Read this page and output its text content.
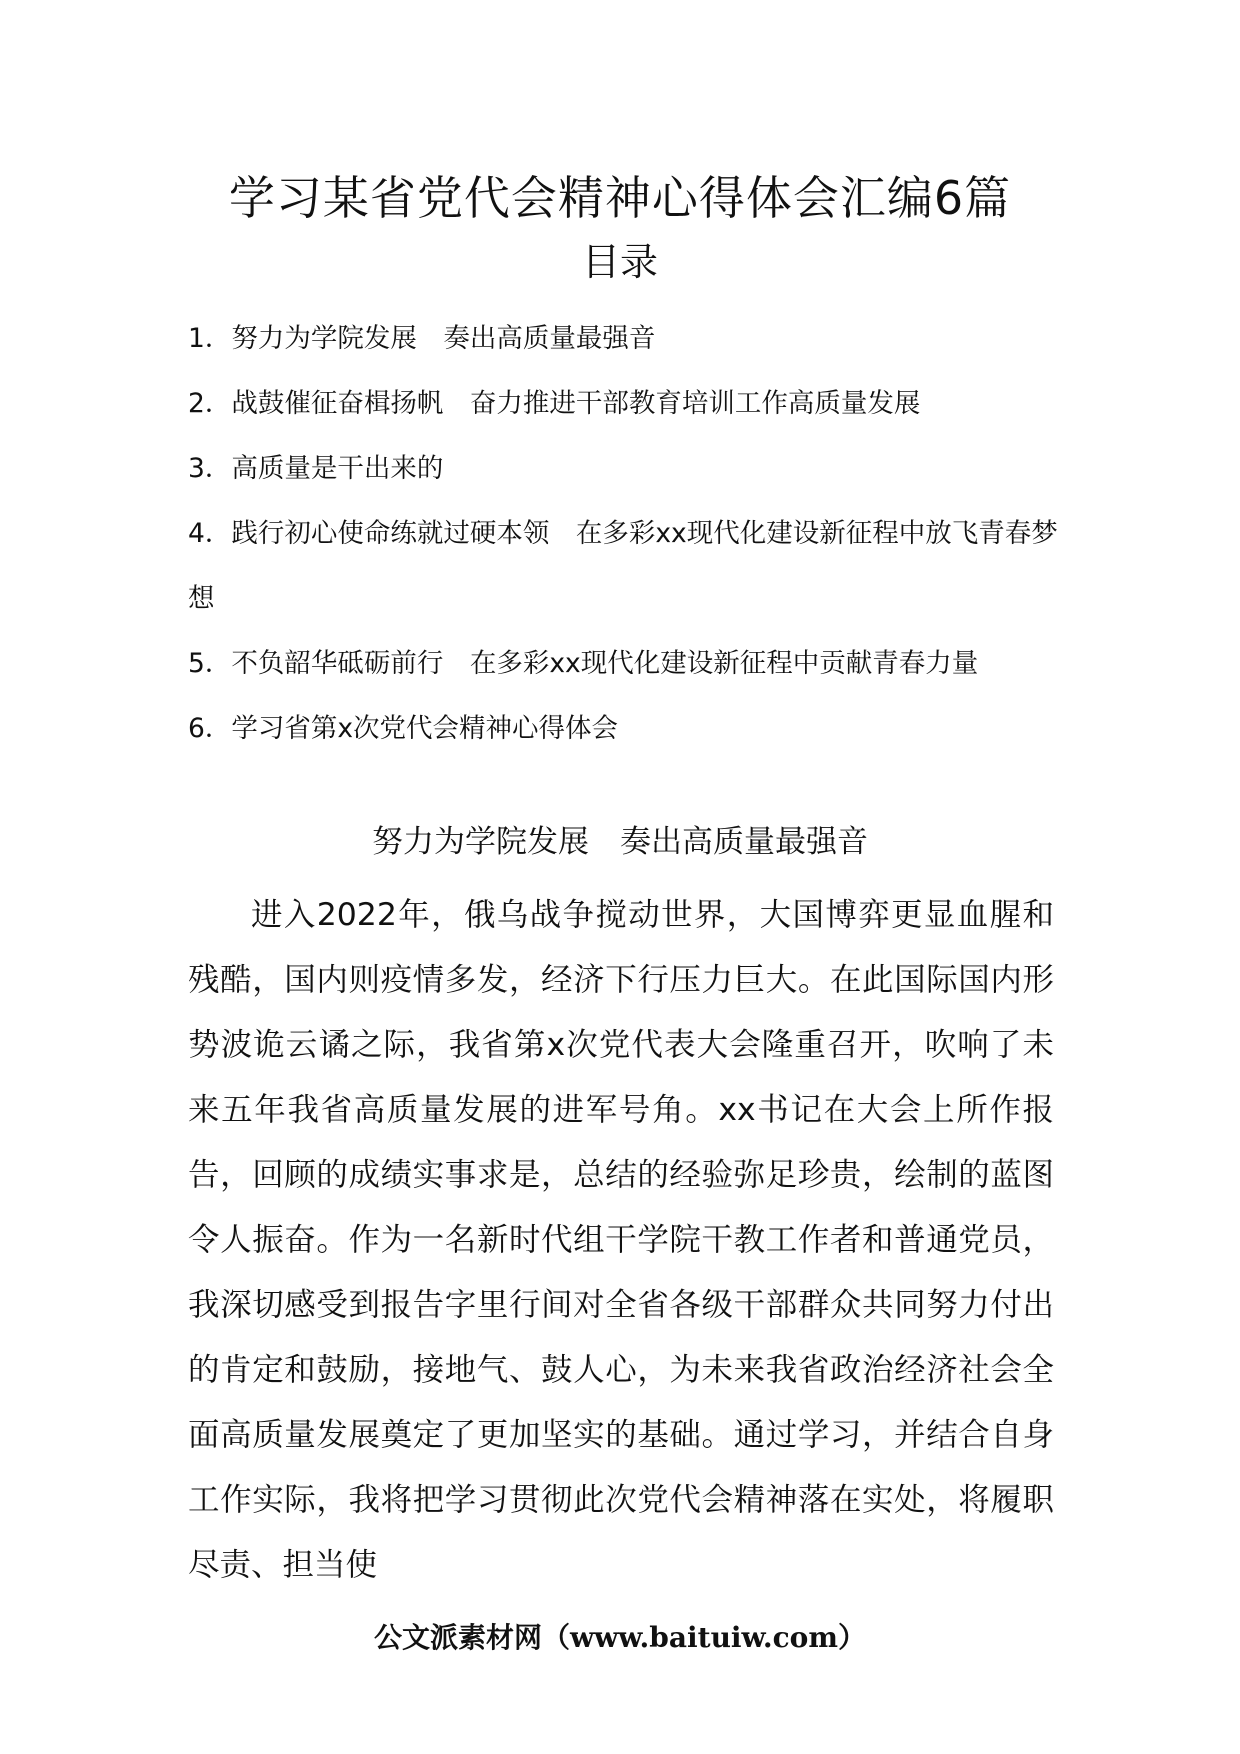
学习某省党代会精神心得体会汇编6篇
目录
1．努力为学院发展　奏出高质量最强音
2．战鼓催征奋楫扬帆　奋力推进干部教育培训工作高质量发展
3．高质量是干出来的
4．践行初心使命练就过硬本领　在多彩xx现代化建设新征程中放飞青春梦想
5．不负韶华砥砺前行　在多彩xx现代化建设新征程中贡献青春力量
6．学习省第x次党代会精神心得体会
努力为学院发展　奏出高质量最强音

进入2022年，俄乌战争搅动世界，大国博弈更显血腥和残酷，国内则疫情多发，经济下行压力巨大。在此国际国内形势波诡云谲之际，我省第x次党代表大会隆重召开，吹响了未来五年我省高质量发展的进军号角。xx书记在大会上所作报告，回顾的成绩实事求是，总结的经验弥足珍贵，绘制的蓝图令人振奋。作为一名新时代组干学院干教工作者和普通党员，我深切感受到报告字里行间对全省各级干部群众共同努力付出的肯定和鼓励，接地气、鼓人心，为未来我省政治经济社会全面高质量发展奠定了更加坚实的基础。通过学习，并结合自身工作实际，我将把学习贯彻此次党代会精神落在实处，将履职尽责、担当使

公文派素材网（www.baituiw.com）
